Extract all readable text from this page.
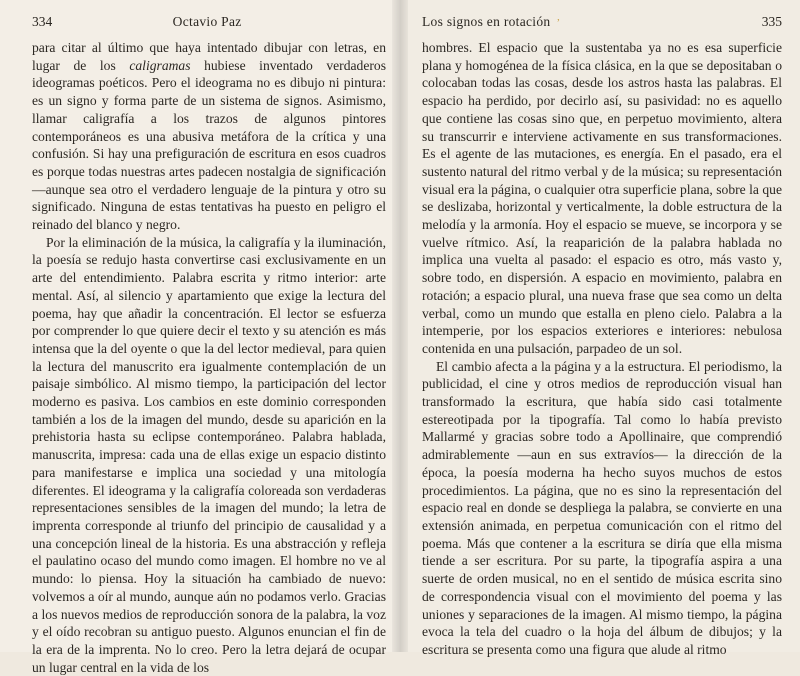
334	Octavio Paz

para citar al último que haya intentado dibujar con letras, en lugar de los caligramas hubiese inventado verdaderos ideogramas poéticos. Pero el ideograma no es dibujo ni pintura: es un signo y forma parte de un sistema de signos. Asimismo, llamar caligrafía a los trazos de algunos pintores contemporáneos es una abusiva metáfora de la crítica y una confusión. Si hay una prefiguración de escritura en esos cuadros es porque todas nuestras artes padecen nostalgia de significación —aunque sea otro el verdadero lenguaje de la pintura y otro su significado. Ninguna de estas tentativas ha puesto en peligro el reinado del blanco y negro.

Por la eliminación de la música, la caligrafía y la iluminación, la poesía se redujo hasta convertirse casi exclusivamente en un arte del entendimiento. Palabra escrita y ritmo interior: arte mental. Así, al silencio y apartamiento que exige la lectura del poema, hay que añadir la concentración. El lector se esfuerza por comprender lo que quiere decir el texto y su atención es más intensa que la del oyente o que la del lector medieval, para quien la lectura del manuscrito era igualmente contemplación de un paisaje simbólico. Al mismo tiempo, la participación del lector moderno es pasiva. Los cambios en este dominio corresponden también a los de la imagen del mundo, desde su aparición en la prehistoria hasta su eclipse contemporáneo. Palabra hablada, manuscrita, impresa: cada una de ellas exige un espacio distinto para manifestarse e implica una sociedad y una mitología diferentes. El ideograma y la caligrafía coloreada son verdaderas representaciones sensibles de la imagen del mundo; la letra de imprenta corresponde al triunfo del principio de causalidad y a una concepción lineal de la historia. Es una abstracción y refleja el paulatino ocaso del mundo como imagen. El hombre no ve al mundo: lo piensa. Hoy la situación ha cambiado de nuevo: volvemos a oír al mundo, aunque aún no podamos verlo. Gracias a los nuevos medios de reproducción sonora de la palabra, la voz y el oído recobran su antiguo puesto. Algunos enuncian el fin de la era de la imprenta. No lo creo. Pero la letra dejará de ocupar un lugar central en la vida de los

Los signos en rotación ʼ	335

hombres. El espacio que la sustentaba ya no es esa superficie plana y homogénea de la física clásica, en la que se depositaban o colocaban todas las cosas, desde los astros hasta las palabras. El espacio ha perdido, por decirlo así, su pasividad: no es aquello que contiene las cosas sino que, en perpetuo movimiento, altera su transcurrir e interviene activamente en sus transformaciones. Es el agente de las mutaciones, es energía. En el pasado, era el sustento natural del ritmo verbal y de la música; su representación visual era la página, o cualquier otra superficie plana, sobre la que se deslizaba, horizontal y verticalmente, la doble estructura de la melodía y la armonía. Hoy el espacio se mueve, se incorpora y se vuelve rítmico. Así, la reaparición de la palabra hablada no implica una vuelta al pasado: el espacio es otro, más vasto y, sobre todo, en dispersión. A espacio en movimiento, palabra en rotación; a espacio plural, una nueva frase que sea como un delta verbal, como un mundo que estalla en pleno cielo. Palabra a la intemperie, por los espacios exteriores e interiores: nebulosa contenida en una pulsación, parpadeo de un sol.

El cambio afecta a la página y a la estructura. El periodismo, la publicidad, el cine y otros medios de reproducción visual han transformado la escritura, que había sido casi totalmente estereotipada por la tipografía. Tal como lo había previsto Mallarmé y gracias sobre todo a Apollinaire, que comprendió admirablemente —aun en sus extravíos— la dirección de la época, la poesía moderna ha hecho suyos muchos de estos procedimientos. La página, que no es sino la representación del espacio real en donde se despliega la palabra, se convierte en una extensión animada, en perpetua comunicación con el ritmo del poema. Más que contener a la escritura se diría que ella misma tiende a ser escritura. Por su parte, la tipografía aspira a una suerte de orden musical, no en el sentido de música escrita sino de correspondencia visual con el movimiento del poema y las uniones y separaciones de la imagen. Al mismo tiempo, la página evoca la tela del cuadro o la hoja del álbum de dibujos; y la escritura se presenta como una figura que alude al ritmo
